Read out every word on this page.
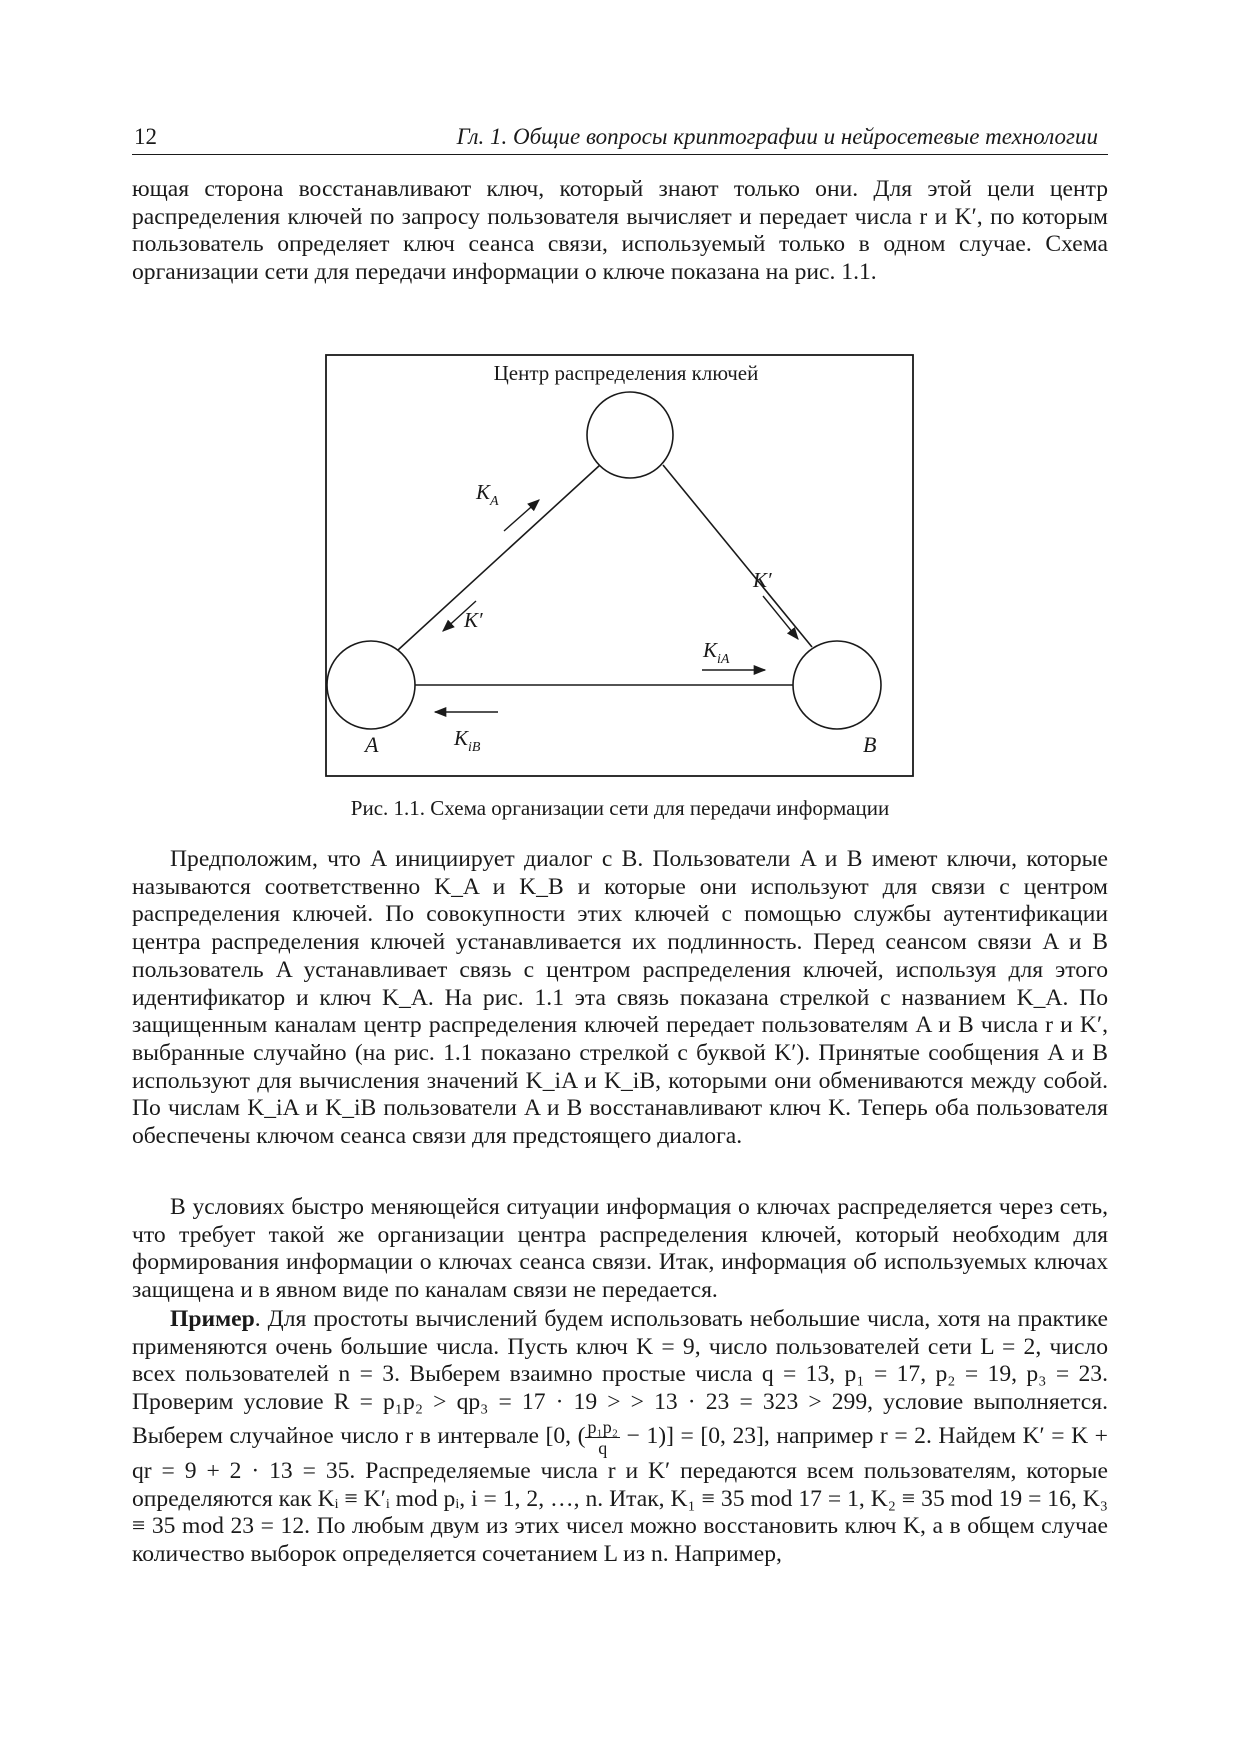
12	Гл. 1. Общие вопросы криптографии и нейросетевые технологии

ющая сторона восстанавливают ключ, который знают только они. Для этой цели центр распределения ключей по запросу пользователя вычисляет и передает числа r и K′, по которым пользователь определяет ключ сеанса связи, используемый только в одном случае. Схема организации сети для передачи информации о ключе показана на рис. 1.1.

Центр распределения ключей
$K_A$
K′
K′
$K_{iA}$
$K_{iB}$
A	B
Рис. 1.1. Схема организации сети для передачи информации

Предположим, что A инициирует диалог с B. Пользователи A и B имеют ключи, которые называются соответственно K_A и K_B и которые они используют для связи с центром распределения ключей. По совокупности этих ключей с помощью службы аутентификации центра распределения ключей устанавливается их подлинность. Перед сеансом связи A и B пользователь A устанавливает связь с центром распределения ключей, используя для этого идентификатор и ключ K_A. На рис. 1.1 эта связь показана стрелкой с названием K_A. По защищенным каналам центр распределения ключей передает пользователям A и B числа r и K′, выбранные случайно (на рис. 1.1 показано стрелкой с буквой K′). Принятые сообщения A и B используют для вычисления значений K_iA и K_iB, которыми они обмениваются между собой. По числам K_iA и K_iB пользователи A и B восстанавливают ключ K. Теперь оба пользователя обеспечены ключом сеанса связи для предстоящего диалога.

В условиях быстро меняющейся ситуации информация о ключах распределяется через сеть, что требует такой же организации центра распределения ключей, который необходим для формирования информации о ключах сеанса связи. Итак, информация об используемых ключах защищена и в явном виде по каналам связи не передается.

Пример. Для простоты вычислений будем использовать небольшие числа, хотя на практике применяются очень большие числа. Пусть ключ K = 9, число пользователей сети L = 2, число всех пользователей n = 3. Выберем взаимно простые числа q = 13, p₁ = 17, p₂ = 19, p₃ = 23. Проверим условие R = p₁p₂ > qp₃ = 17 · 19 > > 13 · 23 = 323 > 299, условие выполняется. Выберем случайное число r в интервале [0, ( $\frac{\text{p₁p₂}}{q} - 1)] = [0$, 23], например r = 2. Найдем K′ = K + qr = 9 + 2 · 13 = 35. Распределяемые числа r и K′ передаются всем пользователям, которые определяются как Kᵢ ≡ K′ᵢ mod pᵢ, i = 1, 2, …, n. Итак, K₁ ≡ 35 mod 17 = 1, K₂ ≡ 35 mod 19 = 16, K₃ ≡ 35 mod 23 = 12. По любым двум из этих чисел можно восстановить ключ K, а в общем случае количество выборок определяется сочетанием L из n. Например,
